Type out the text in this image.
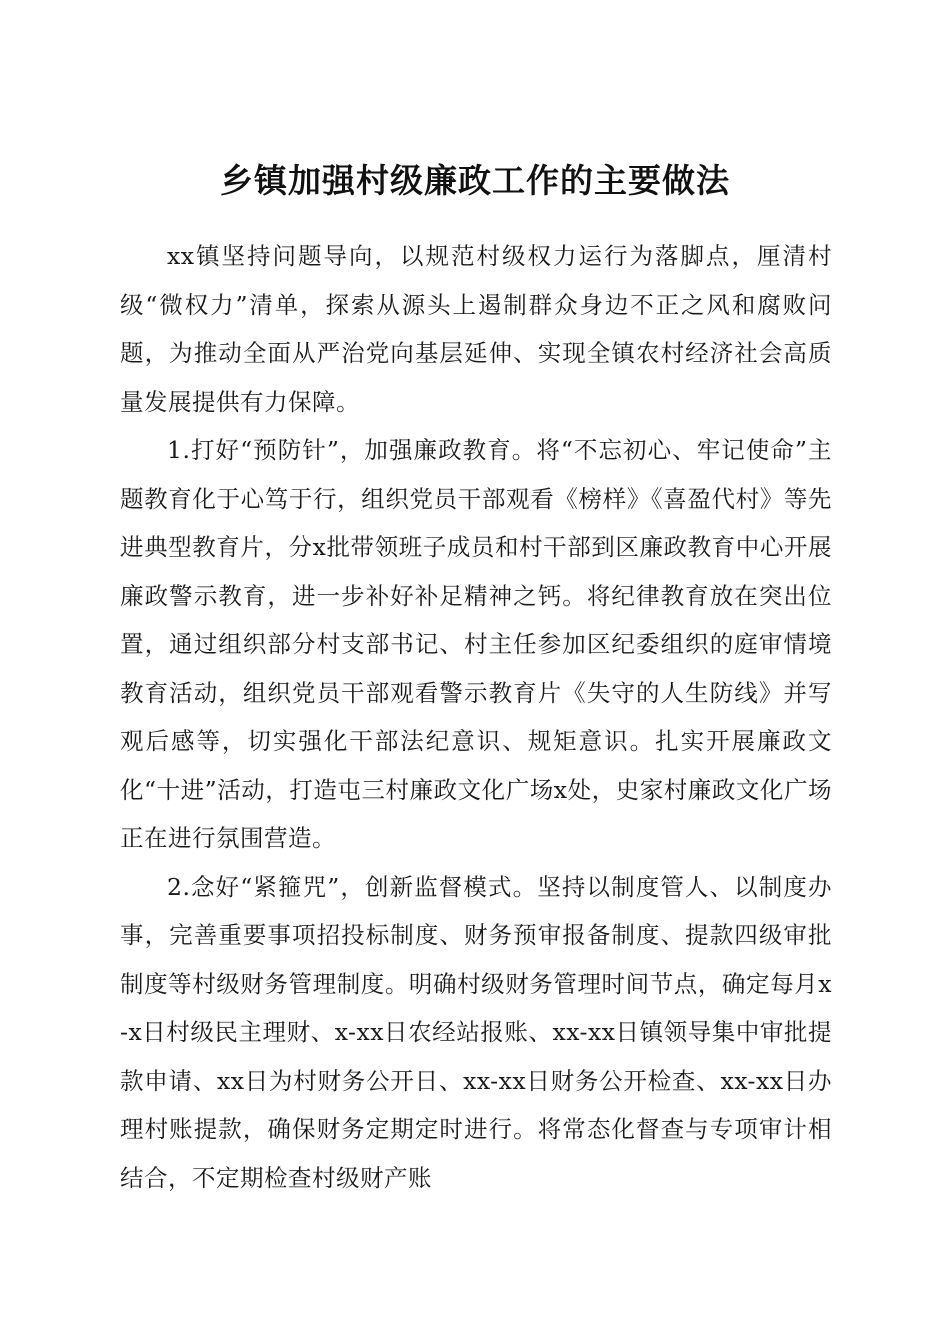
乡镇加强村级廉政工作的主要做法

xx镇坚持问题导向，以规范村级权力运行为落脚点，厘清村级“微权力”清单，探索从源头上遏制群众身边不正之风和腐败问题，为推动全面从严治党向基层延伸、实现全镇农村经济社会高质量发展提供有力保障。

1.打好“预防针”，加强廉政教育。将“不忘初心、牢记使命”主题教育化于心笃于行，组织党员干部观看《榜样》《喜盈代村》等先进典型教育片，分x批带领班子成员和村干部到区廉政教育中心开展廉政警示教育，进一步补好补足精神之钙。将纪律教育放在突出位置，通过组织部分村支部书记、村主任参加区纪委组织的庭审情境教育活动，组织党员干部观看警示教育片《失守的人生防线》并写观后感等，切实强化干部法纪意识、规矩意识。扎实开展廉政文化“十进”活动，打造屯三村廉政文化广场x处，史家村廉政文化广场正在进行氛围营造。

2.念好“紧箍咒”，创新监督模式。坚持以制度管人、以制度办事，完善重要事项招投标制度、财务预审报备制度、提款四级审批制度等村级财务管理制度。明确村级财务管理时间节点，确定每月x-x日村级民主理财、x-xx日农经站报账、xx-xx日镇领导集中审批提款申请、xx日为村财务公开日、xx-xx日财务公开检查、xx-xx日办理村账提款，确保财务定期定时进行。将常态化督查与专项审计相结合，不定期检查村级财产账
